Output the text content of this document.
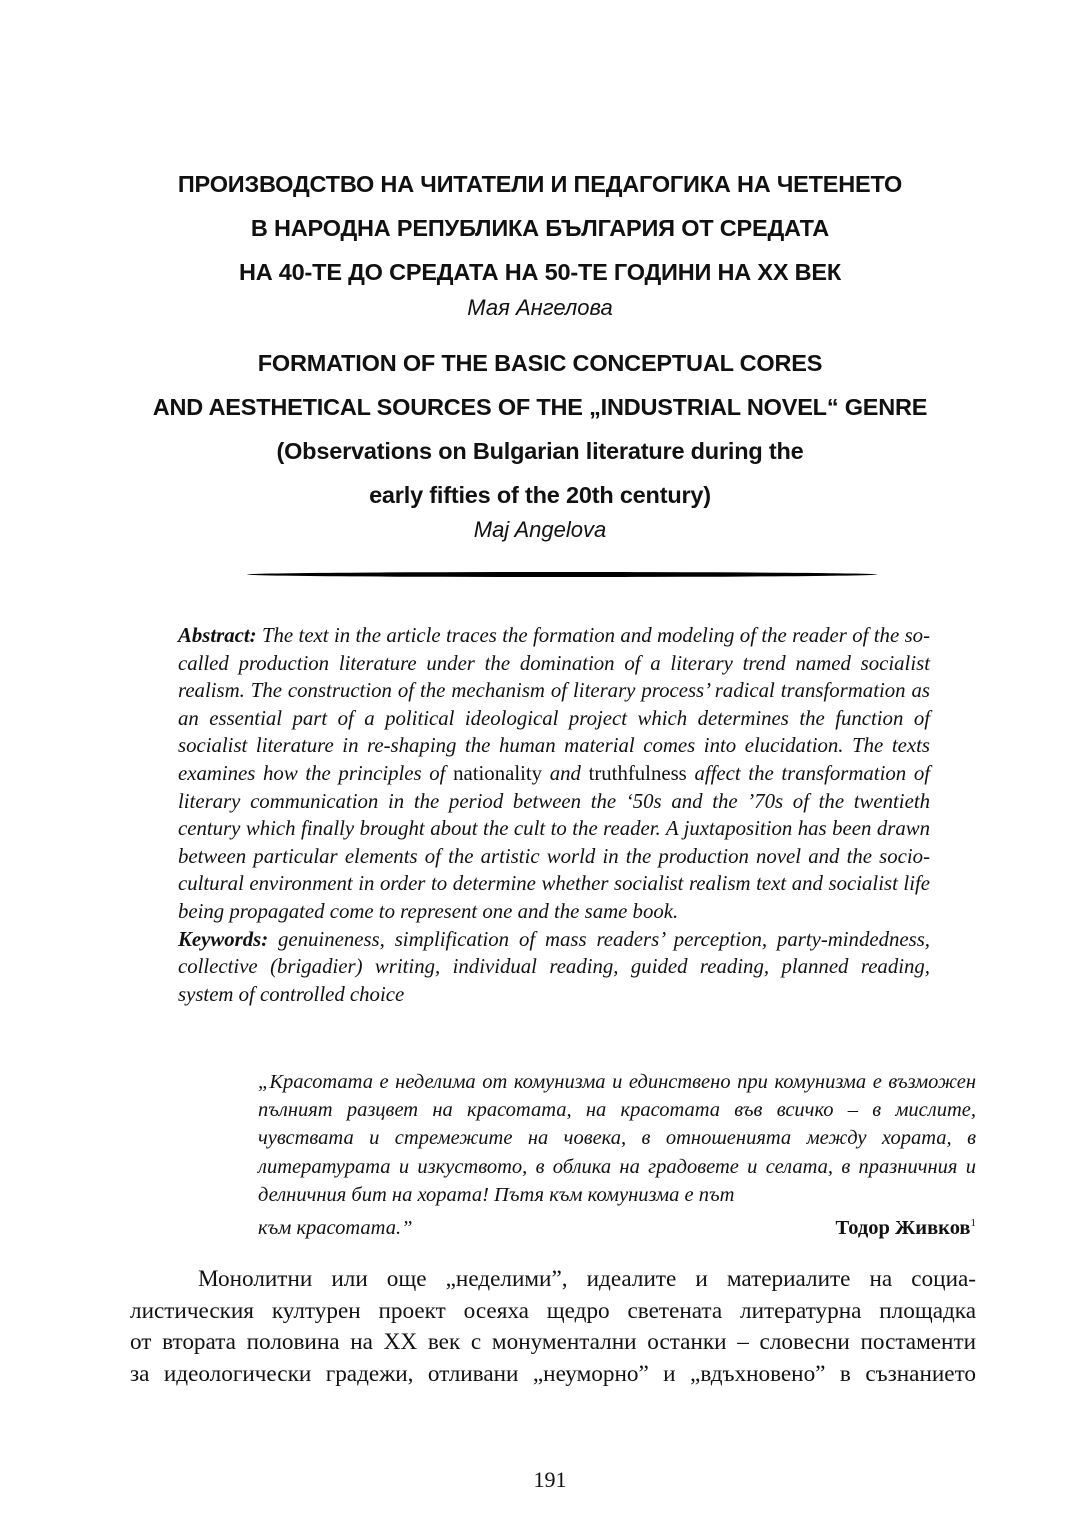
ПРОИЗВОДСТВО НА ЧИТАТЕЛИ И ПЕДАГОГИКА НА ЧЕТЕНЕТО
В НАРОДНА РЕПУБЛИКА БЪЛГАРИЯ ОТ СРЕДАТА
НА 40-ТЕ ДО СРЕДАТА НА 50-ТЕ ГОДИНИ НА XX ВЕК
Мая Ангелова
FORMATION OF THE BASIC CONCEPTUAL CORES
AND AESTHETICAL SOURCES OF THE „INDUSTRIAL NOVEL“ GENRE
(Observations on Bulgarian literature during the
early fifties of the 20th century)
Maj Angelova
Abstract: The text in the article traces the formation and modeling of the reader of the so-called production literature under the domination of a literary trend named socialist realism. The construction of the mechanism of literary process’ radical transformation as an essential part of a political ideological project which determines the function of socialist literature in re-shaping the human material comes into elucidation. The texts examines how the principles of nationality and truthfulness affect the transformation of literary communication in the period between the ‘50s and the ’70s of the twentieth century which finally brought about the cult to the reader. A juxtaposition has been drawn between particular elements of the artistic world in the production novel and the socio-cultural environment in order to determine whether socialist realism text and socialist life being propagated come to represent one and the same book.
Keywords: genuineness, simplification of mass readers’ perception, party-mindedness, collective (brigadier) writing, individual reading, guided reading, planned reading, system of controlled choice
„Красотата е неделима от комунизма и единствено при комунизма е възможен пълният разцвет на красотата, на красотата във всичко – в мислите, чувствата и стремежите на човека, в отношенията между хората, в литературата и изкуството, в облика на градовете и селата, в празничния и делничния бит на хората! Пътя към комунизма е път
към красотата.”	Тодор Живков$^1$
Монолитни или още „неделими”, идеалите и материалите на социа-
листическия културен проект осеяха щедро светената литературна площадка
от втората половина на XX век с монументални останки – словесни постаменти
за идеологически градежи, отливани „неуморно” и „вдъхновено” в съзнанието
191
